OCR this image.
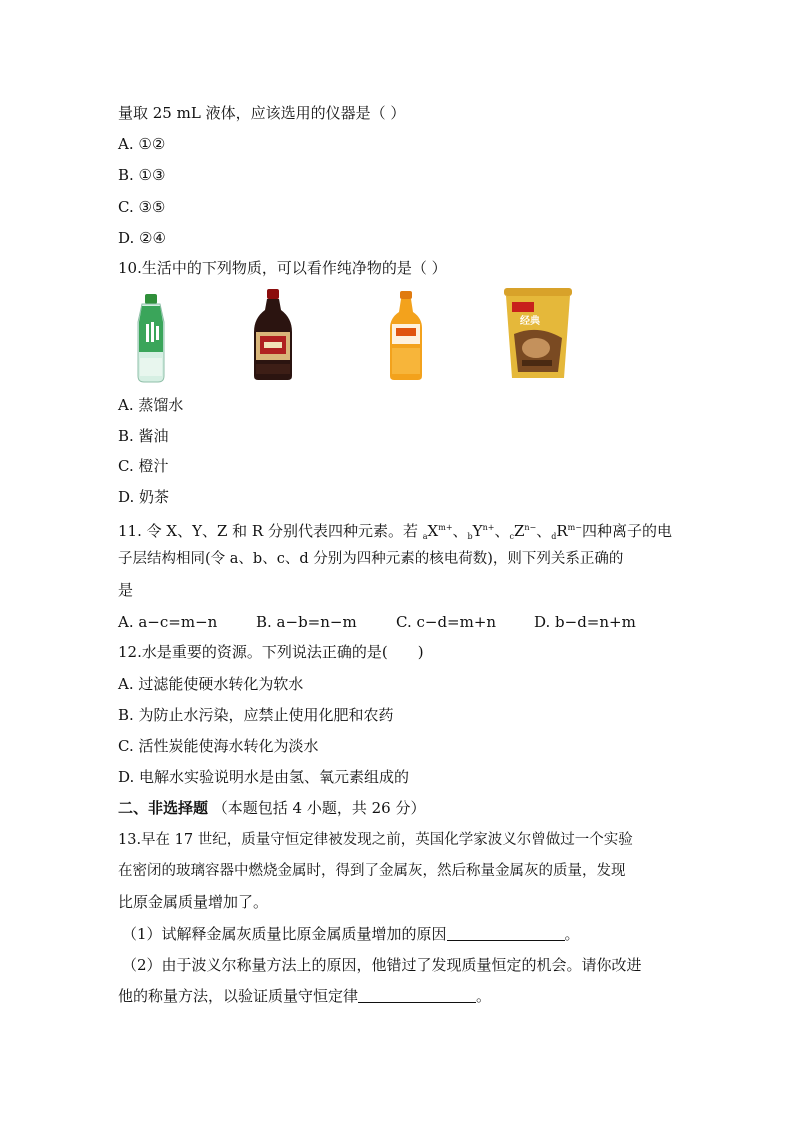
量取 25 mL 液体，应该选用的仪器是（ ）
A. ①②
B. ①③
C. ③⑤
D. ②④
10.生活中的下列物质，可以看作纯净物的是（ ）
经典
A. 蒸馏水
B. 酱油
C. 橙汁
D. 奶茶
11. 令 X、Y、Z 和 R 分别代表四种元素。若 $_aX^{m+}$、$_bY^{n+}$、$_cZ^{n-}$、$_dR^{m-}$四种离子的电
子层结构相同(令 a、b、c、d 分别为四种元素的核电荷数)，则下列关系正确的
是
A. a−c=m−n	B. a−b=n−m	C. c−d=m+n	D. b−d=n+m
12.水是重要的资源。下列说法正确的是(　　)
A. 过滤能使硬水转化为软水
B. 为防止水污染，应禁止使用化肥和农药
C. 活性炭能使海水转化为淡水
D. 电解水实验说明水是由氢、氧元素组成的
二、非选择题 （本题包括 4 小题，共 26 分）
13.早在 17 世纪，质量守恒定律被发现之前，英国化学家波义尔曾做过一个实验
在密闭的玻璃容器中燃烧金属时，得到了金属灰，然后称量金属灰的质量，发现
比原金属质量增加了。
（1）试解释金属灰质量比原金属质量增加的原因	。
（2）由于波义尔称量方法上的原因，他错过了发现质量恒定的机会。请你改进
他的称量方法，以验证质量守恒定律	。
